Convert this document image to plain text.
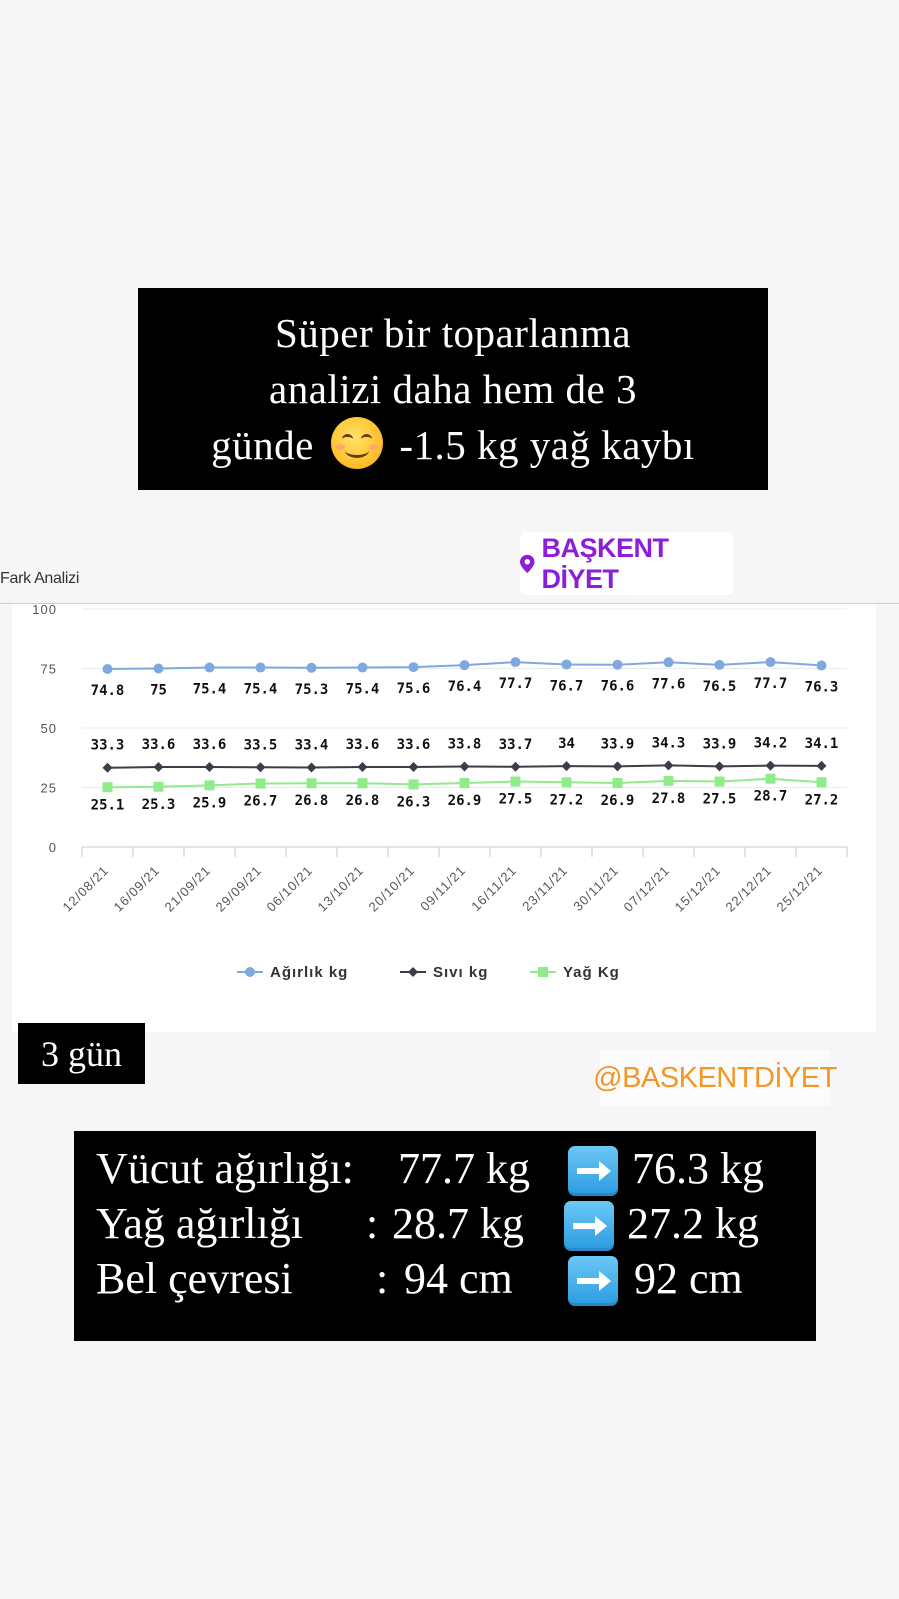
Süper bir toparlanma
analizi daha hem de 3
günde -1.5 kg yağ kaybı
BAŞKENT DİYET
Fark Analizi
0
25
50
75
100
12/08/21
16/09/21
21/09/21
29/09/21
06/10/21
13/10/21
20/10/21 09/11/21 16/11/21 23/11/21 30/11/21
07/12/21
15/12/21
22/12/21
25/12/21
74.8 75 75.4 75.4 75.3 75.4 75.6 76.4 77.7 76.7 76.6 77.6 76.5 77.7 76.3
33.3 33.6 33.6 33.5 33.4 33.6 33.6 33.8 33.7 34 33.9 34.3 33.9 34.2 34.1
25.1 25.3 25.9 26.7 26.8 26.8 26.3 26.9 27.5 27.2 26.9 27.8 27.5 28.7 27.2
Ağırlık kg	Sıvı kg	Yağ Kg
3 gün
@BASKENTDİYET
Vücut ağırlığı: 77.7 kg 76.3 kg
Yağ ağırlığı : 28.7 kg 27.2 kg
Bel çevresi : 94 cm	92 cm
